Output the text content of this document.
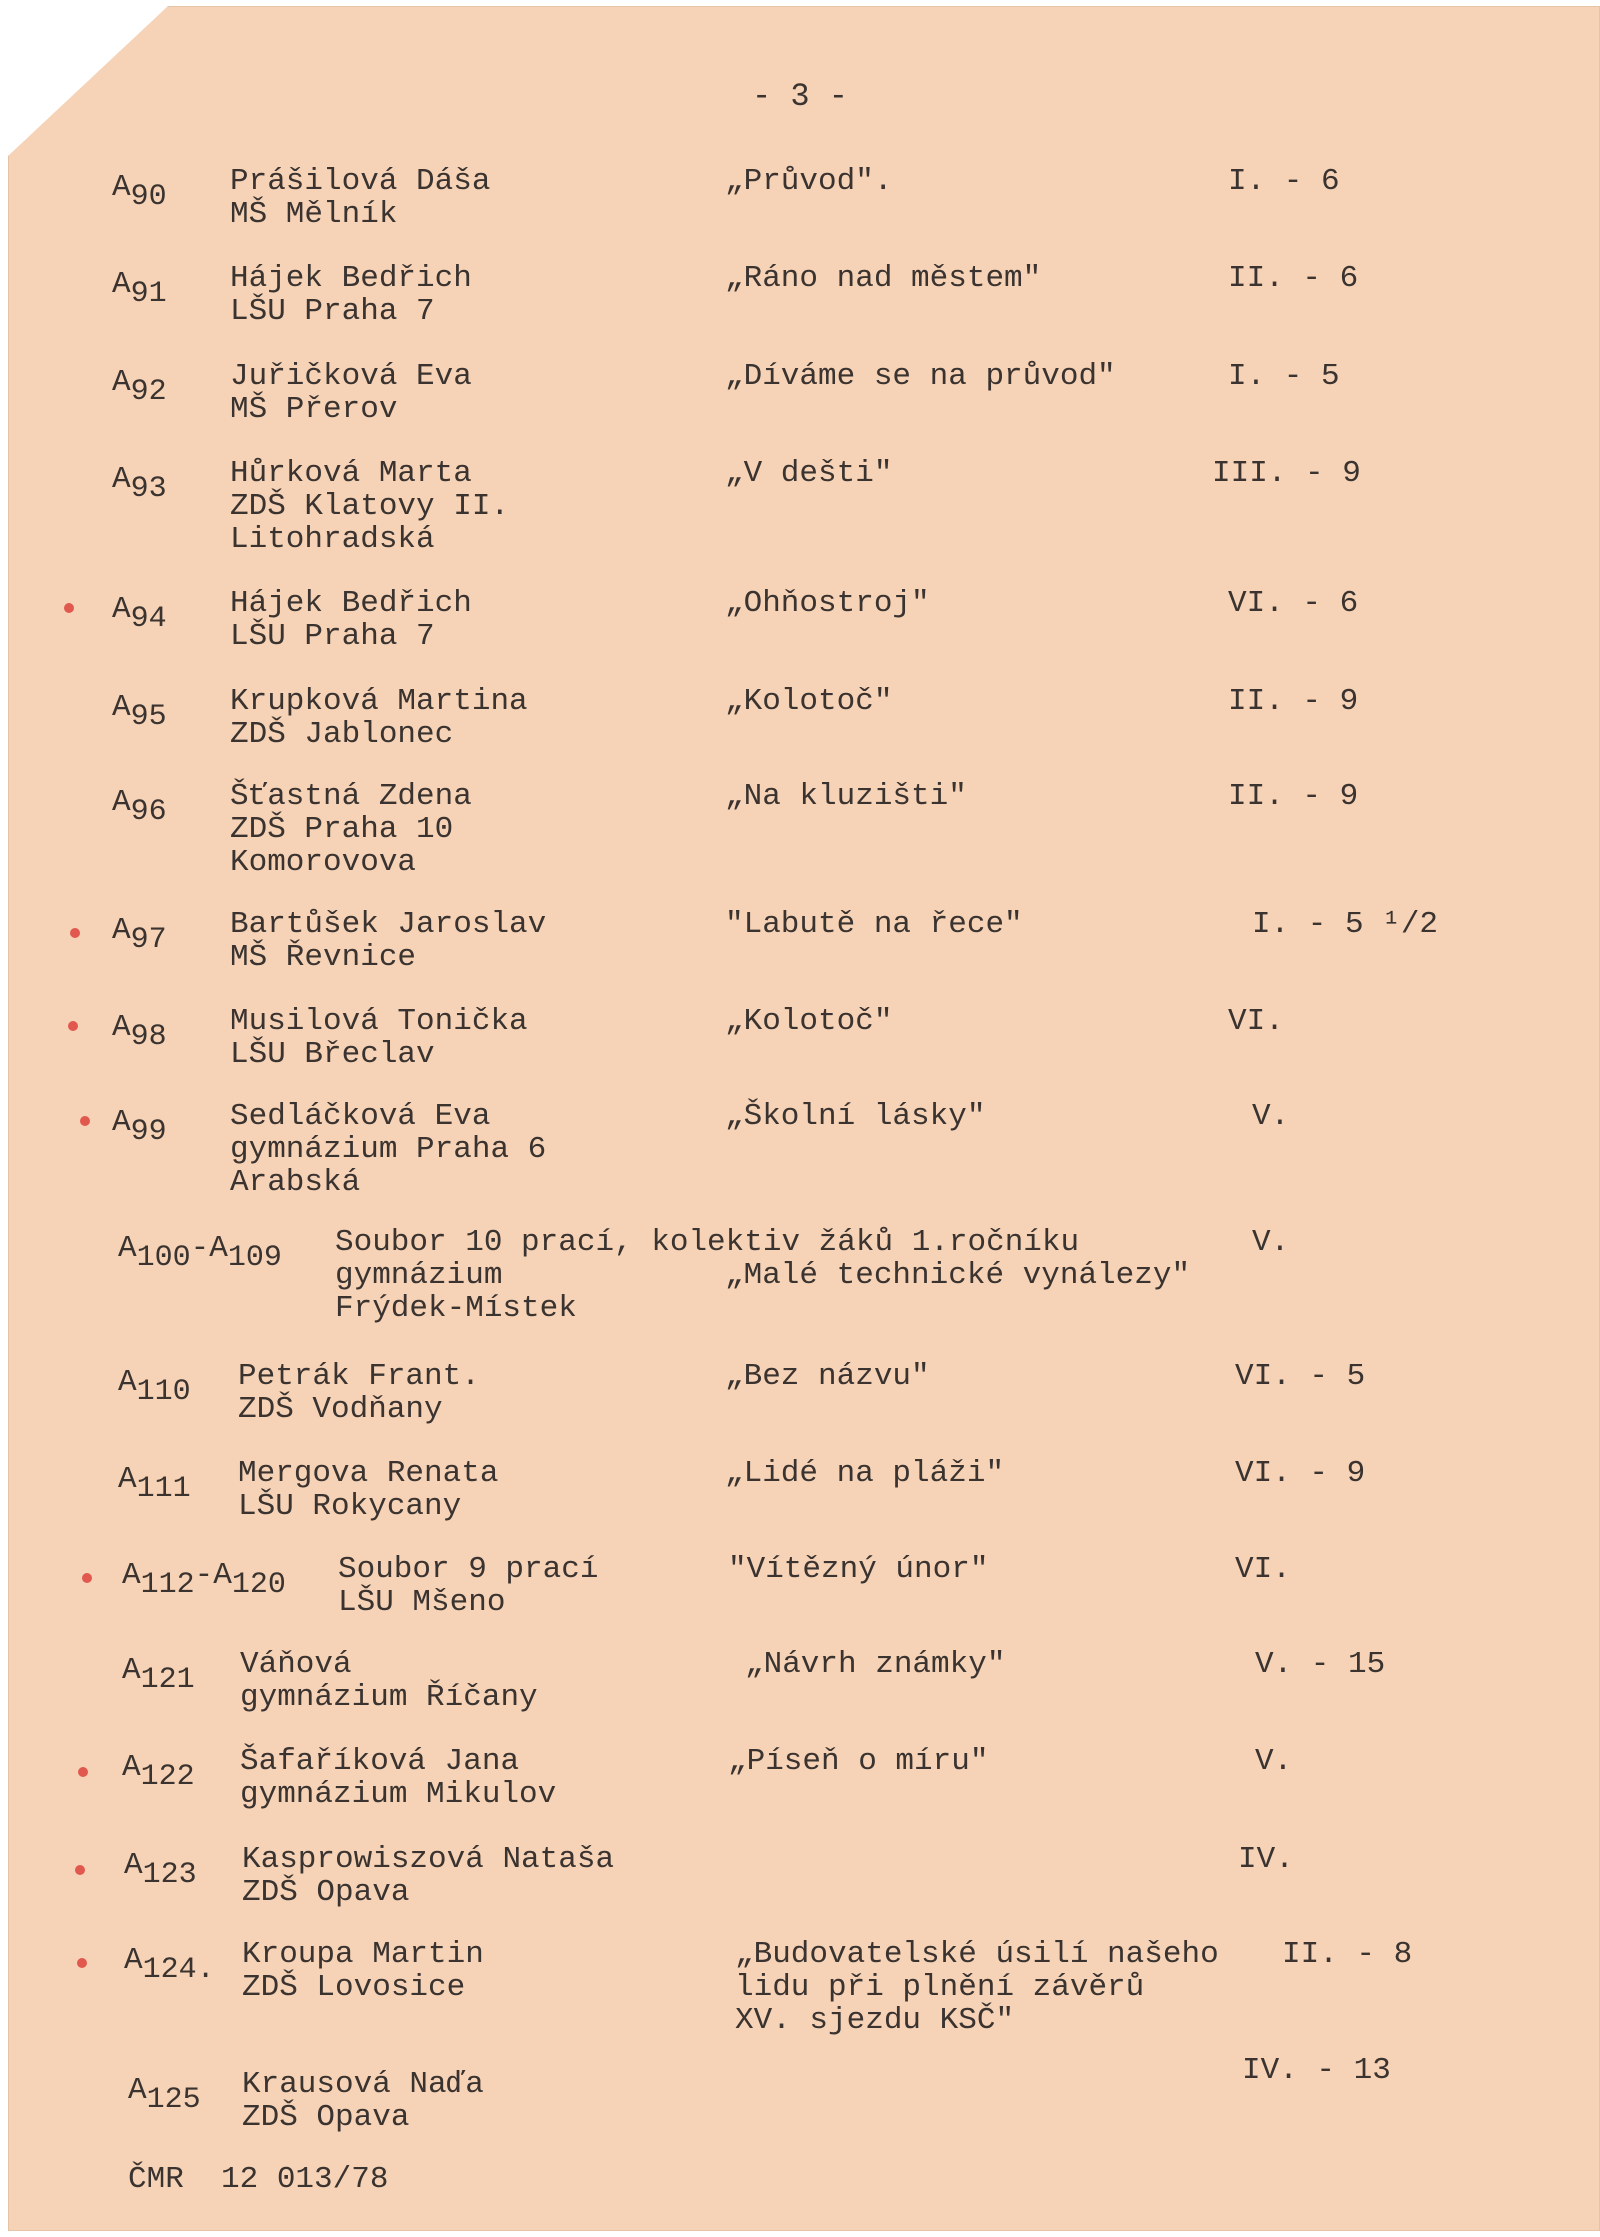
- 3 -
$A_{90}$ Prášilová Dáša
MŠ Mělník
„Průvod".	I. - 6
$A_{91}$ Hájek Bedřich
LŠU Praha 7
„Ráno nad městem"	II. - 6
$A_{92}$ Juřičková Eva
MŠ Přerov
„Díváme se na průvod"	I. - 5
$A_{93}$ Hůrková Marta
ZDŠ Klatovy II.
Litohradská
„V dešti"	III. - 9
$A_{94}$ Hájek Bedřich
LŠU Praha 7
„Ohňostroj"	VI. - 6
$A_{95}$ Krupková Martina
ZDŠ Jablonec
„Kolotoč"	II. - 9
$A_{96}$ Šťastná Zdena
ZDŠ Praha 10
Komorovova
„Na kluzišti"	II. - 9
$A_{97}$ Bartůšek Jaroslav
MŠ Řevnice
"Labutě na řece"	I. - 5 ¹/2
$A_{98}$ Musilová Tonička
LŠU Břeclav
„Kolotoč"	VI.
$A_{99}$ Sedláčková Eva
gymnázium Praha 6
Arabská
„Školní lásky"	V.
$A_{100}-A_{109}$ Soubor 10 prací, kolektiv žáků 1.ročníku
gymnázium
Frýdek-Místek
„Malé technické vynálezy"
V.
$A_{110}$ Petrák Frant.
ZDŠ Vodňany
„Bez názvu"	VI. - 5
$A_{111}$ Mergova Renata
LŠU Rokycany
„Lidé na pláži"	VI. - 9
$A_{112}-A_{120}$ Soubor 9 prací
LŠU Mšeno
"Vítězný únor"	VI.
$A_{121}$ Váňová
gymnázium Říčany
„Návrh známky"	V. - 15
$A_{122}$ Šafaříková Jana
gymnázium Mikulov
„Píseň o míru"	V.
$A_{123}$ Kasprowiszová Nataša
ZDŠ Opava
IV.
$A_{124.}$ Kroupa Martin
ZDŠ Lovosice
„Budovatelské úsilí našeho
lidu při plnění závěrů
XV. sjezdu KSČ"
II. - 8
$A_{125}$ Krausová Naďa
ZDŠ Opava
IV. - 13
ČMR  12 013/78
